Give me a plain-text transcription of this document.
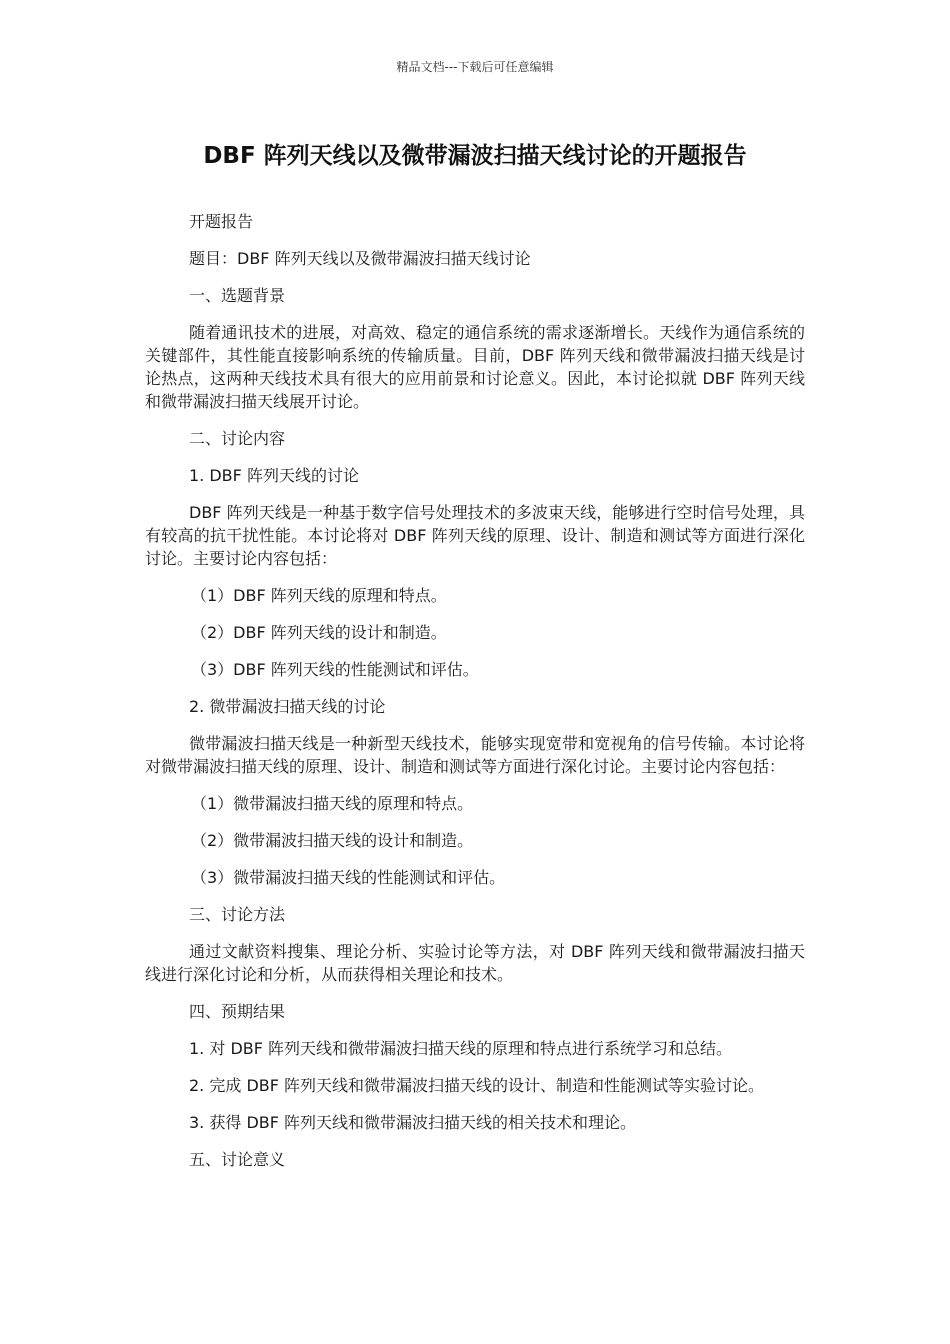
精品文档---下载后可任意编辑
DBF 阵列天线以及微带漏波扫描天线讨论的开题报告

开题报告

题目：DBF 阵列天线以及微带漏波扫描天线讨论

一、选题背景

随着通讯技术的进展，对高效、稳定的通信系统的需求逐渐增长。天线作为通信系统的关键部件，其性能直接影响系统的传输质量。目前，DBF 阵列天线和微带漏波扫描天线是讨论热点，这两种天线技术具有很大的应用前景和讨论意义。因此，本讨论拟就 DBF 阵列天线和微带漏波扫描天线展开讨论。

二、讨论内容

1. DBF 阵列天线的讨论

DBF 阵列天线是一种基于数字信号处理技术的多波束天线，能够进行空时信号处理，具有较高的抗干扰性能。本讨论将对 DBF 阵列天线的原理、设计、制造和测试等方面进行深化讨论。主要讨论内容包括：

（1）DBF 阵列天线的原理和特点。

（2）DBF 阵列天线的设计和制造。

（3）DBF 阵列天线的性能测试和评估。

2. 微带漏波扫描天线的讨论

微带漏波扫描天线是一种新型天线技术，能够实现宽带和宽视角的信号传输。本讨论将对微带漏波扫描天线的原理、设计、制造和测试等方面进行深化讨论。主要讨论内容包括：

（1）微带漏波扫描天线的原理和特点。

（2）微带漏波扫描天线的设计和制造。

（3）微带漏波扫描天线的性能测试和评估。

三、讨论方法

通过文献资料搜集、理论分析、实验讨论等方法，对 DBF 阵列天线和微带漏波扫描天线进行深化讨论和分析，从而获得相关理论和技术。

四、预期结果

1. 对 DBF 阵列天线和微带漏波扫描天线的原理和特点进行系统学习和总结。

2. 完成 DBF 阵列天线和微带漏波扫描天线的设计、制造和性能测试等实验讨论。

3. 获得 DBF 阵列天线和微带漏波扫描天线的相关技术和理论。

五、讨论意义
